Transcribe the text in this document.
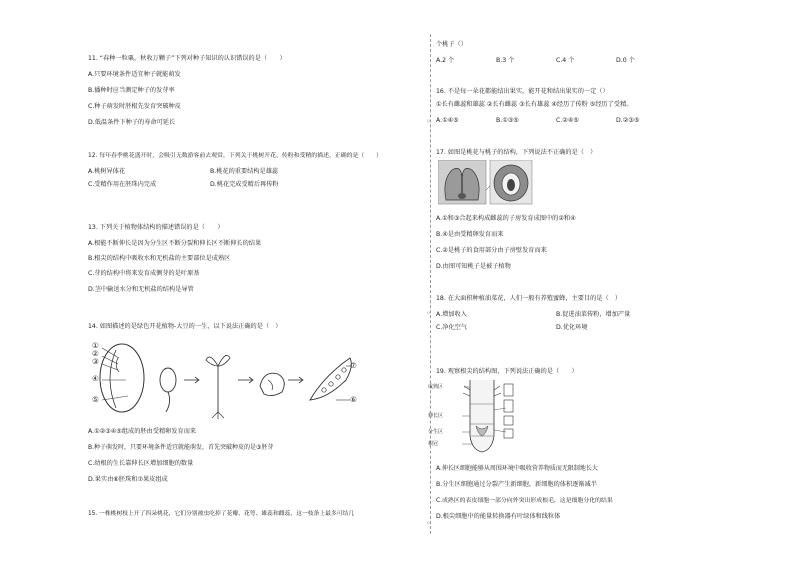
◦
◦
◦
11. “春种一粒粟，秋收万颗子”下列对种子知识的认识错误的是（　　）
A.只要环境条件适宜种子就能萌发
B.播种时应当测定种子的发芽率
C.种子萌发时胚根先发育突破种皮
D.低温条件下种子的寿命可延长
12. 每年春季桃花盛开时，会吸引无数游客前去观赏，下列关于桃树开花、传粉和受精的描述，正确的是（　　）
A.桃树异体花	B.桃花的重要结构是雄蕊
C.受精作用在胚珠内完成	D.桃花完成受精后再传粉
13. 下列关于植物体结构的描述错误的是（　　）
A.根能不断伸长是因为分生区不断分裂和伸长区不断伸长的结果
B.根尖的结构中吸收水和无机盐的主要部位是成熟区
C.芽的结构中将来发育成侧芽的是叶原基
D.茎中输送水分和无机盐的结构是导管
14. 如图描述的是绿色开花植物-大豆的一生，以下说法正确的是（　）
①
②
③
④
⑤
⑦
⑥
A.①②③④⑤组成的胚由受精卵发育而来
B.种子萌发时，只要环境条件适宜就能萌发，首先突破种皮的是③胚芽
C.幼根的生长靠伸长区增加细胞的数量
D.果实由⑥胚珠和⑦果皮组成
15. 一株桃树枝上开了四朵桃花，它们分别被虫吃掉了花瓣、花萼、雄蕊和雌蕊，这一枝条上最多可结几
个桃子（）
A.2 个	B.3 个	C.4 个	D.0 个
16. 不是每一朵花都能结出果实，能开花和结出果实的一定（）
①长有雌蕊和雄蕊 ②长有雌蕊 ③长有雄蕊 ④经历了传粉 ⑤经历了受精。
A.①④⑤	B.①③⑤	C.②④⑤	D.②③⑤
17. 如图是桃花与桃子的结构，下列说法不正确的是（　）
A.①和③合起来构成雌蕊的子房发育成图中的②和④
B.④是由受精卵发育而来
C.②是桃子的食用部分由子房壁发育而来
D.由图可知桃子是被子植物
18. 在大面积种植油菜花，人们一般有养殖蜜蜂，主要目的是（　）
A.增加收入	B.促进油菜传粉，增加产量
C.净化空气	D.优化环境
19. 观察根尖的结构图，下列说法正确的是（　　）
成熟区
伸长区
分生区
根冠
A.伸长区细胞能够从周围环境中吸收营养物质而无限制地长大
B.分生区细胞通过分裂产生新细胞，新细胞的体积逐渐减半
C.成熟区的表皮细胞一部分向外突出形成根毛，这是细胞分化的结果
D.根尖细胞中的能量转换器有叶绿体和线粒体
